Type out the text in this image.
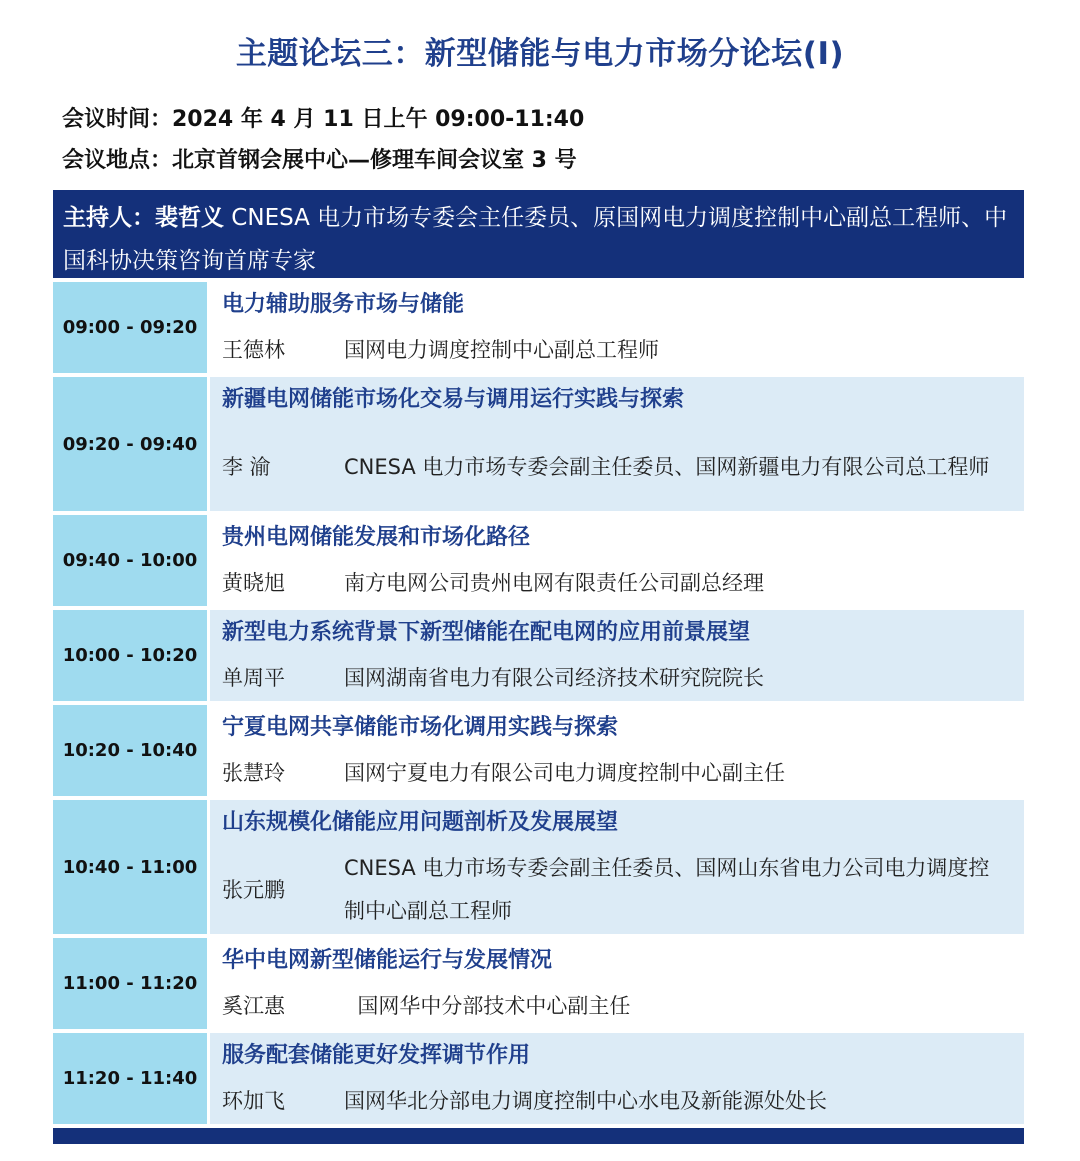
主题论坛三：新型储能与电力市场分论坛(I)
会议时间：2024 年 4 月 11 日上午 09:00-11:40
会议地点：北京首钢会展中心—修理车间会议室 3 号
主持人：裴哲义 CNESA 电力市场专委会主任委员、原国网电力调度控制中心副总工程师、中国科协决策咨询首席专家
09:00 - 09:20
电力辅助服务市场与储能
王德林	国网电力调度控制中心副总工程师
09:20 - 09:40
新疆电网储能市场化交易与调用运行实践与探索
李 渝	CNESA 电力市场专委会副主任委员、国网新疆电力有限公司总工程师
09:40 - 10:00
贵州电网储能发展和市场化路径
黄晓旭	南方电网公司贵州电网有限责任公司副总经理
10:00 - 10:20
新型电力系统背景下新型储能在配电网的应用前景展望
单周平	国网湖南省电力有限公司经济技术研究院院长
10:20 - 10:40
宁夏电网共享储能市场化调用实践与探索
张慧玲	国网宁夏电力有限公司电力调度控制中心副主任
10:40 - 11:00
山东规模化储能应用问题剖析及发展展望
张元鹏
CNESA 电力市场专委会副主任委员、国网山东省电力公司电力调度控制中心副总工程师
11:00 - 11:20
华中电网新型储能运行与发展情况
奚江惠	国网华中分部技术中心副主任
11:20 - 11:40
服务配套储能更好发挥调节作用
环加飞	国网华北分部电力调度控制中心水电及新能源处处长
